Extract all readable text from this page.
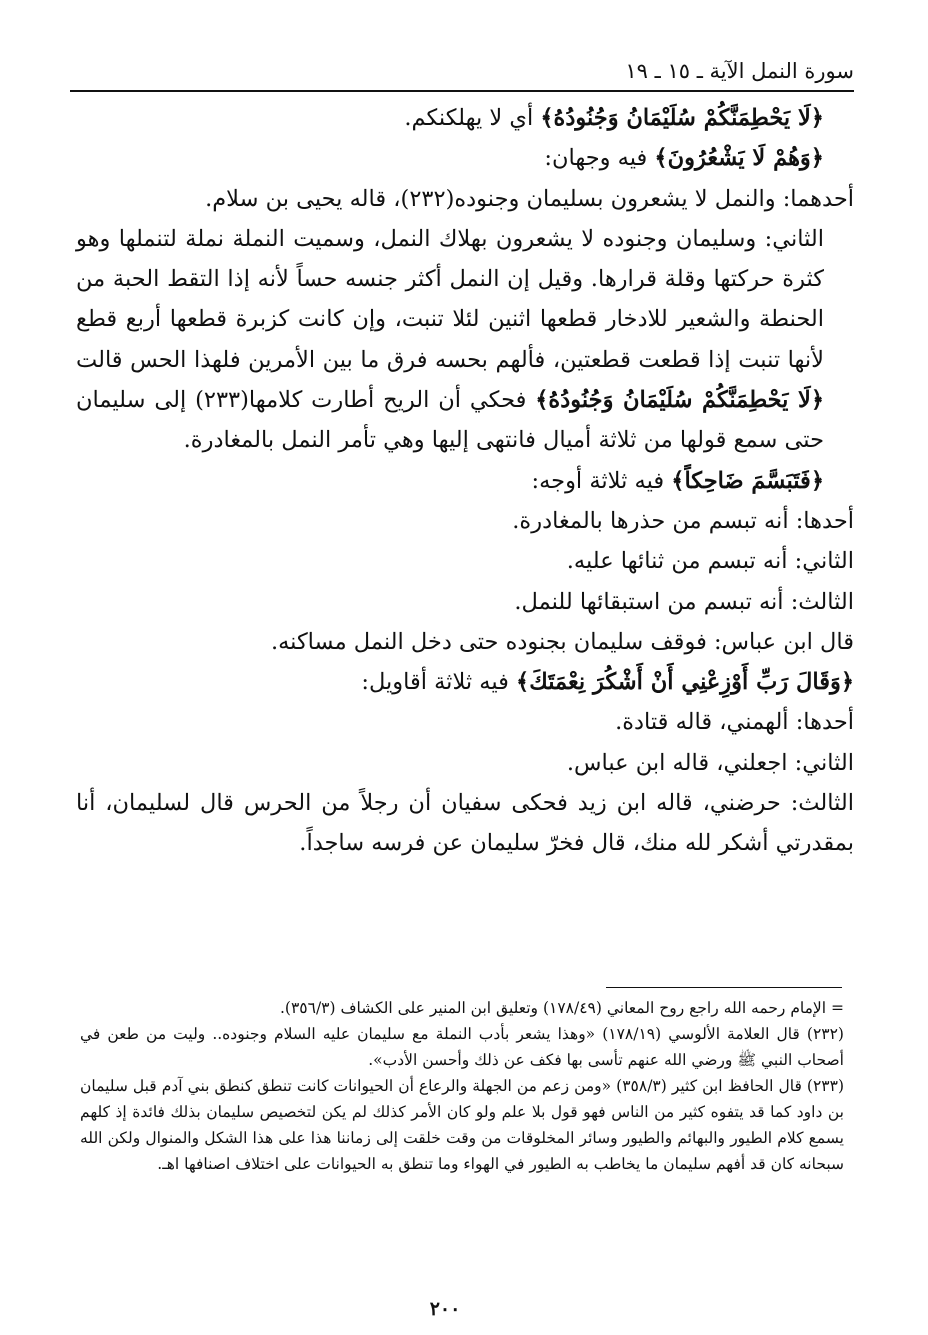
سورة النمل الآية ـ ١٥ ـ ١٩

﴿لَا يَحْطِمَنَّكُمْ سُلَيْمَانُ وَجُنُودُهُ﴾ أي لا يهلكنكم.

﴿وَهُمْ لَا يَشْعُرُونَ﴾ فيه وجهان:

أحدهما: والنمل لا يشعرون بسليمان وجنوده(٢٣٢)، قاله يحيى بن سلام.

الثاني: وسليمان وجنوده لا يشعرون بهلاك النمل، وسميت النملة نملة لتنملها وهو كثرة حركتها وقلة قرارها. وقيل إن النمل أكثر جنسه حساً لأنه إذا التقط الحبة من الحنطة والشعير للادخار قطعها اثنين لئلا تنبت، وإن كانت كزبرة قطعها أربع قطع لأنها تنبت إذا قطعت قطعتين، فألهم بحسه فرق ما بين الأمرين فلهذا الحس قالت ﴿لَا يَحْطِمَنَّكُمْ سُلَيْمَانُ وَجُنُودُهُ﴾ فحكي أن الريح أطارت كلامها(٢٣٣) إلى سليمان حتى سمع قولها من ثلاثة أميال فانتهى إليها وهي تأمر النمل بالمغادرة.

﴿فَتَبَسَّمَ ضَاحِكاً﴾ فيه ثلاثة أوجه:

أحدها: أنه تبسم من حذرها بالمغادرة.

الثاني: أنه تبسم من ثنائها عليه.

الثالث: أنه تبسم من استبقائها للنمل.

قال ابن عباس: فوقف سليمان بجنوده حتى دخل النمل مساكنه.

﴿وَقَالَ رَبِّ أَوْزِعْنِي أَنْ أَشْكُرَ نِعْمَتَكَ﴾ فيه ثلاثة أقاويل:

أحدها: ألهمني، قاله قتادة.

الثاني: اجعلني، قاله ابن عباس.

الثالث: حرضني، قاله ابن زيد فحكى سفيان أن رجلاً من الحرس قال لسليمان، أنا بمقدرتي أشكر لله منك، قال فخرّ سليمان عن فرسه ساجداً.

= الإمام رحمه الله راجع روح المعاني (١٧٨/٤٩) وتعليق ابن المنير على الكشاف (٣٥٦/٣).

(٢٣٢) قال العلامة الألوسي (١٧٨/١٩) «وهذا يشعر بأدب النملة مع سليمان عليه السلام وجنوده.. وليت من طعن في أصحاب النبي ﷺ ورضي الله عنهم تأسى بها فكف عن ذلك وأحسن الأدب».

(٢٣٣) قال الحافظ ابن كثير (٣٥٨/٣) «ومن زعم من الجهلة والرعاع أن الحيوانات كانت تنطق كنطق بني آدم قبل سليمان بن داود كما قد يتفوه كثير من الناس فهو قول بلا علم ولو كان الأمر كذلك لم يكن لتخصيص سليمان بذلك فائدة إذ كلهم يسمع كلام الطيور والبهائم والطيور وسائر المخلوقات من وقت خلقت إلى زماننا هذا على هذا الشكل والمنوال ولكن الله سبحانه كان قد أفهم سليمان ما يخاطب به الطيور في الهواء وما تنطق به الحيوانات على اختلاف اصنافها اهـ.

٢٠٠
